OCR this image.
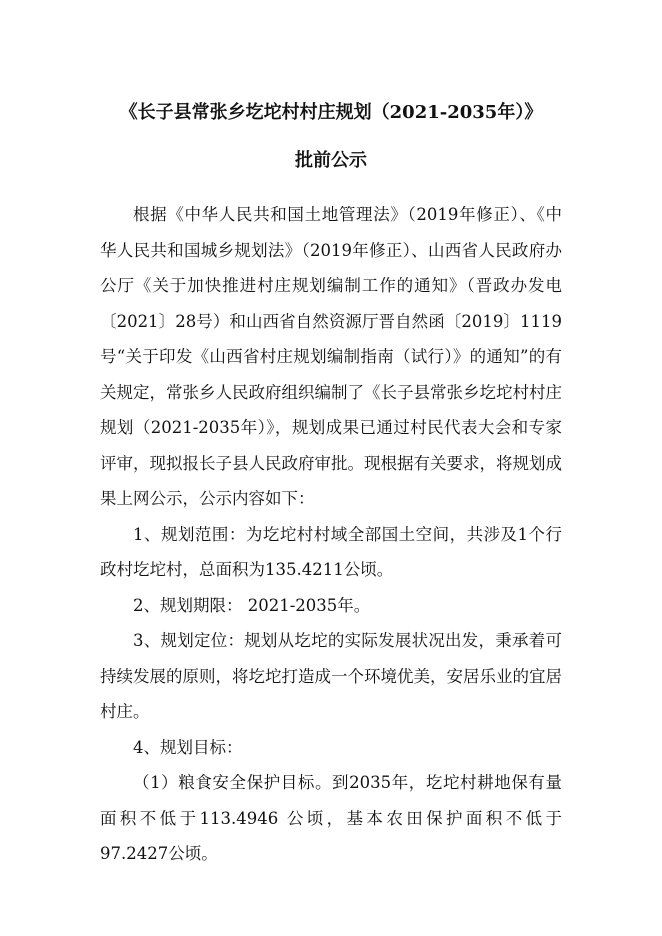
《长子县常张乡圪坨村村庄规划（2021-2035年）》
批前公示

根据《中华人民共和国土地管理法》（2019年修正）、《中华人民共和国城乡规划法》（2019年修正）、山西省人民政府办公厅《关于加快推进村庄规划编制工作的通知》（晋政办发电〔2021〕28号）和山西省自然资源厅晋自然函〔2019〕1119号“关于印发《山西省村庄规划编制指南（试行）》的通知”的有关规定，常张乡人民政府组织编制了《长子县常张乡圪坨村村庄规划（2021-2035年）》，规划成果已通过村民代表大会和专家评审，现拟报长子县人民政府审批。现根据有关要求，将规划成果上网公示，公示内容如下：

1、规划范围：为圪坨村村域全部国土空间，共涉及1个行政村圪坨村，总面积为135.4211公顷。

2、规划期限： 2021-2035年。

3、规划定位：规划从圪坨的实际发展状况出发，秉承着可持续发展的原则，将圪坨打造成一个环境优美，安居乐业的宜居村庄。

4、规划目标：

（1）粮食安全保护目标。到2035年，圪坨村耕地保有量面积不低于113.4946 公顷，基本农田保护面积不低于97.2427公顷。
